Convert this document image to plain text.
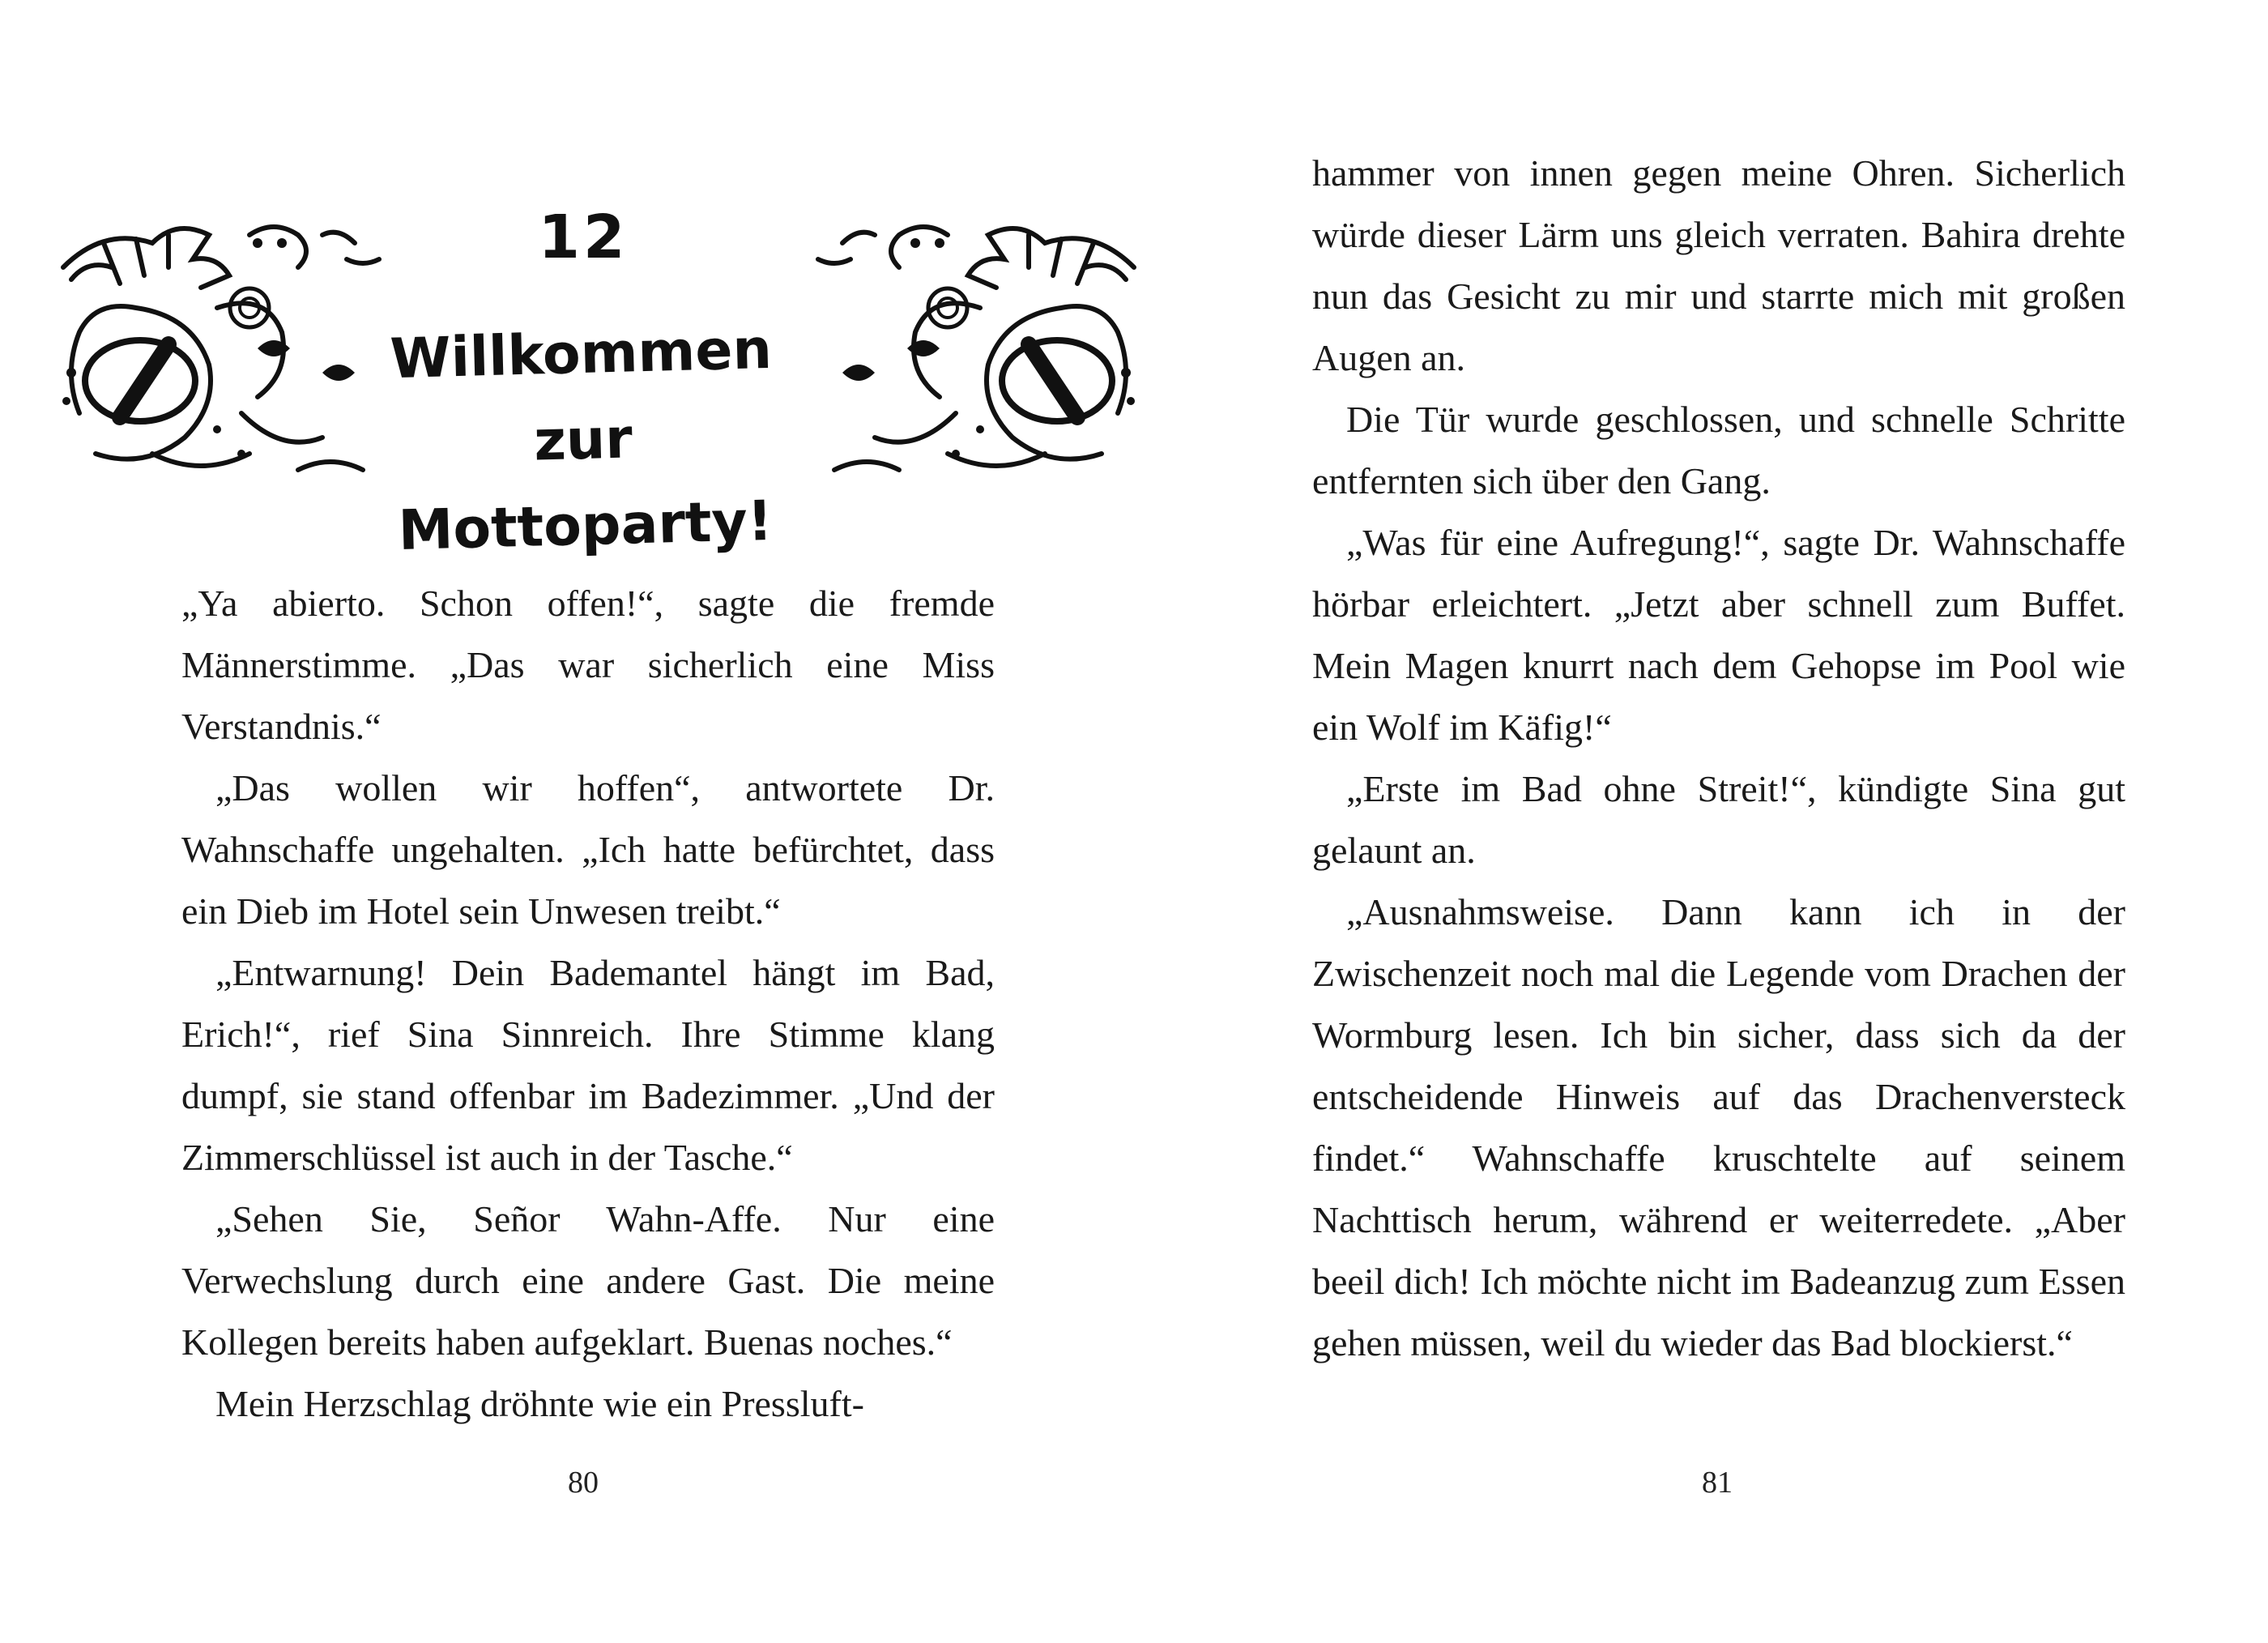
12
Willkommen zur Mottoparty!

„Ya abierto. Schon offen!“, sagte die fremde Männerstimme. „Das war sicherlich eine Miss Verstandnis.“

„Das wollen wir hoffen“, antwortete Dr. Wahnschaffe ungehalten. „Ich hatte befürchtet, dass ein Dieb im Hotel sein Unwesen treibt.“

„Entwarnung! Dein Bademantel hängt im Bad, Erich!“, rief Sina Sinnreich. Ihre Stimme klang dumpf, sie stand offenbar im Badezimmer. „Und der Zimmerschlüssel ist auch in der Tasche.“

„Sehen Sie, Señor Wahn-Affe. Nur eine Verwechslung durch eine andere Gast. Die meine Kollegen bereits haben aufgeklart. Buenas noches.“

Mein Herzschlag dröhnte wie ein Pressluft-

80

hammer von innen gegen meine Ohren. Sicherlich würde dieser Lärm uns gleich verraten. Bahira drehte nun das Gesicht zu mir und starrte mich mit großen Augen an.

Die Tür wurde geschlossen, und schnelle Schritte entfernten sich über den Gang.

„Was für eine Aufregung!“, sagte Dr. Wahnschaffe hörbar erleichtert. „Jetzt aber schnell zum Buffet. Mein Magen knurrt nach dem Gehopse im Pool wie ein Wolf im Käfig!“

„Erste im Bad ohne Streit!“, kündigte Sina gut gelaunt an.

„Ausnahmsweise. Dann kann ich in der Zwischenzeit noch mal die Legende vom Drachen der Wormburg lesen. Ich bin sicher, dass sich da der entscheidende Hinweis auf das Drachenversteck findet.“ Wahnschaffe kruschtelte auf seinem Nachttisch herum, während er weiterredete. „Aber beeil dich! Ich möchte nicht im Badeanzug zum Essen gehen müssen, weil du wieder das Bad blockierst.“

81
